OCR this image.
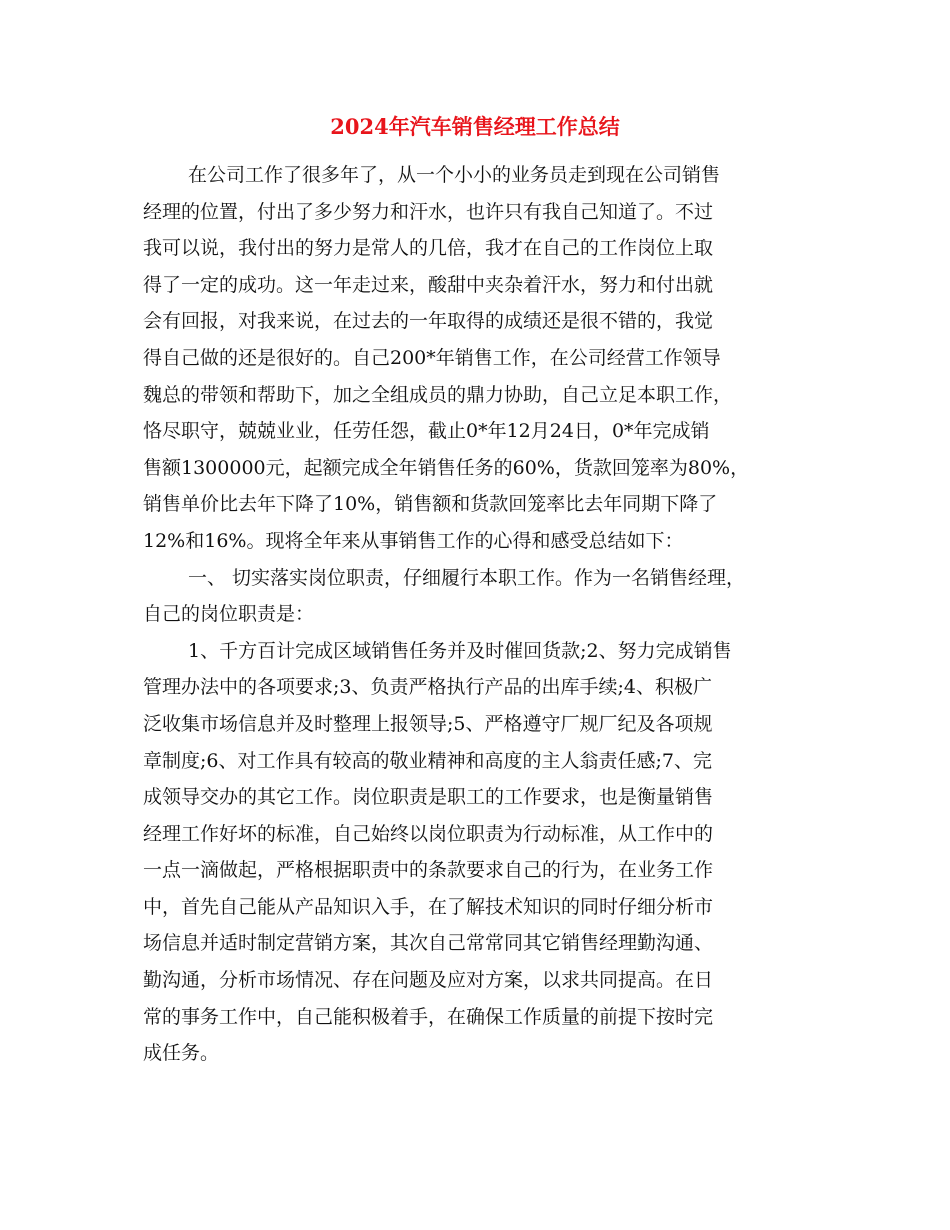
2024年汽车销售经理工作总结
在公司工作了很多年了，从一个小小的业务员走到现在公司销售
经理的位置，付出了多少努力和汗水，也许只有我自己知道了。不过
我可以说，我付出的努力是常人的几倍，我才在自己的工作岗位上取
得了一定的成功。这一年走过来，酸甜中夹杂着汗水，努力和付出就
会有回报，对我来说，在过去的一年取得的成绩还是很不错的，我觉
得自己做的还是很好的。自己200*年销售工作，在公司经营工作领导
魏总的带领和帮助下，加之全组成员的鼎力协助，自己立足本职工作，
恪尽职守，兢兢业业，任劳任怨，截止0*年12月24日，0*年完成销
售额1300000元，起额完成全年销售任务的60%，货款回笼率为80%，
销售单价比去年下降了10%，销售额和货款回笼率比去年同期下降了
12%和16%。现将全年来从事销售工作的心得和感受总结如下：
一、 切实落实岗位职责，仔细履行本职工作。作为一名销售经理，
自己的岗位职责是：
1、千方百计完成区域销售任务并及时催回货款;2、努力完成销售
管理办法中的各项要求;3、负责严格执行产品的出库手续;4、积极广
泛收集市场信息并及时整理上报领导;5、严格遵守厂规厂纪及各项规
章制度;6、对工作具有较高的敬业精神和高度的主人翁责任感;7、完
成领导交办的其它工作。岗位职责是职工的工作要求，也是衡量销售
经理工作好坏的标准，自己始终以岗位职责为行动标准，从工作中的
一点一滴做起，严格根据职责中的条款要求自己的行为，在业务工作
中，首先自己能从产品知识入手，在了解技术知识的同时仔细分析市
场信息并适时制定营销方案，其次自己常常同其它销售经理勤沟通、
勤沟通，分析市场情况、存在问题及应对方案，以求共同提高。在日
常的事务工作中，自己能积极着手，在确保工作质量的前提下按时完
成任务。
